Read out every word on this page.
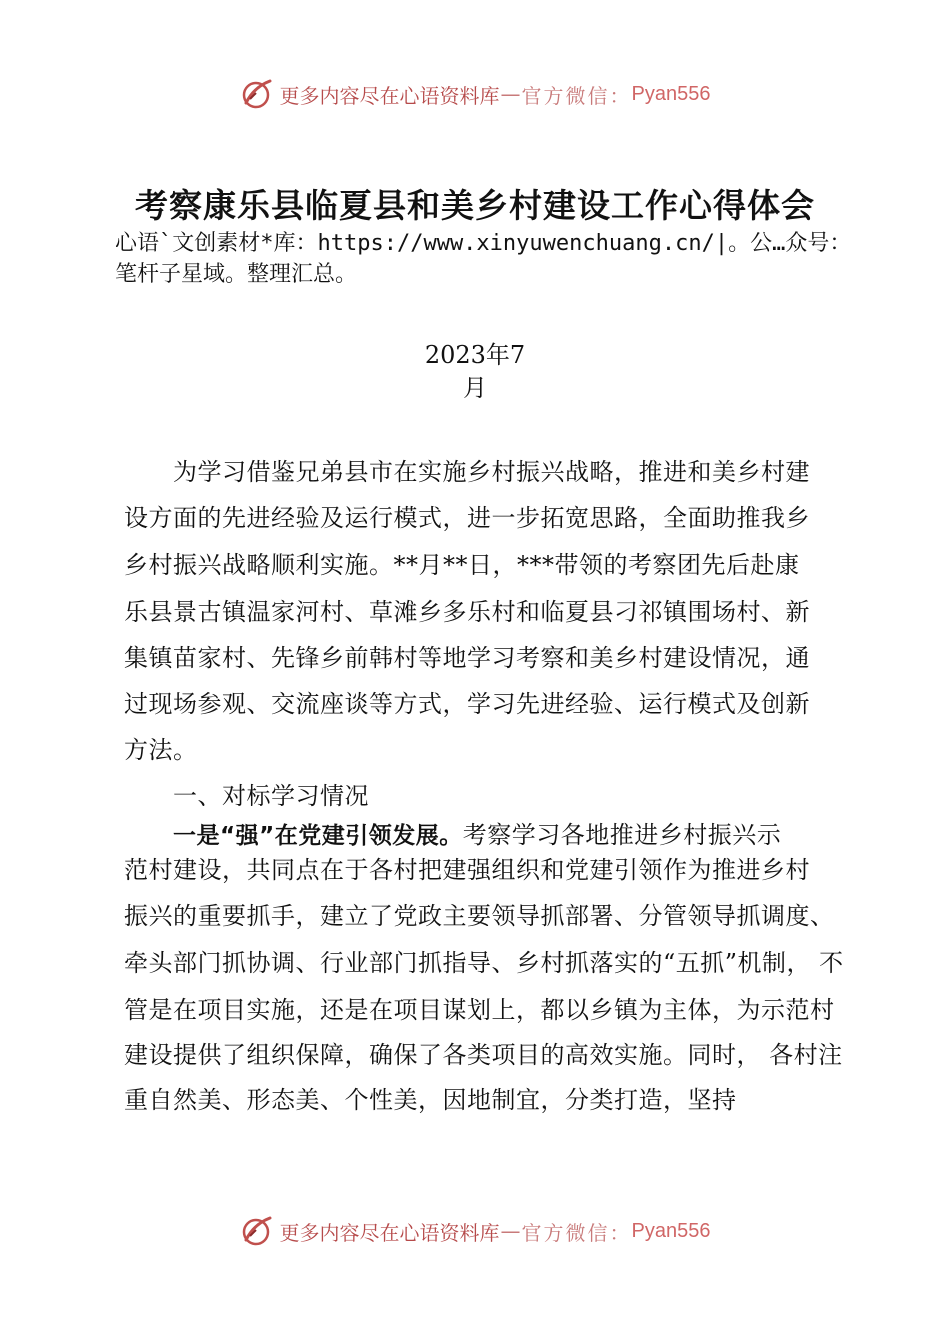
更多内容尽在心语资料库 — 官方微信： Pyan556
考察康乐县临夏县和美乡村建设工作心得体会
心语`文创素材*库：https://www.xinyuwenchuang.cn/|。公…众号：
笔杆子星域。整理汇总。
2023年7
月
为学习借鉴兄弟县市在实施乡村振兴战略，推进和美乡村建
设方面的先进经验及运行模式，进一步拓宽思路，全面助推我乡
乡村振兴战略顺利实施。**月**日，***带领的考察团先后赴康
乐县景古镇温家河村、草滩乡多乐村和临夏县刁祁镇围场村、新
集镇苗家村、先锋乡前韩村等地学习考察和美乡村建设情况，通
过现场参观、交流座谈等方式，学习先进经验、运行模式及创新
方法。
一、对标学习情况
一是“强”在党建引领发展。考察学习各地推进乡村振兴示
范村建设，共同点在于各村把建强组织和党建引领作为推进乡村
振兴的重要抓手，建立了党政主要领导抓部署、分管领导抓调度、
牵头部门抓协调、行业部门抓指导、乡村抓落实的“五抓”机制， 不
管是在项目实施，还是在项目谋划上，都以乡镇为主体，为示范村
建设提供了组织保障，确保了各类项目的高效实施。同时， 各村注
重自然美、形态美、个性美，因地制宜，分类打造，坚持
更多内容尽在心语资料库 — 官方微信： Pyan556
